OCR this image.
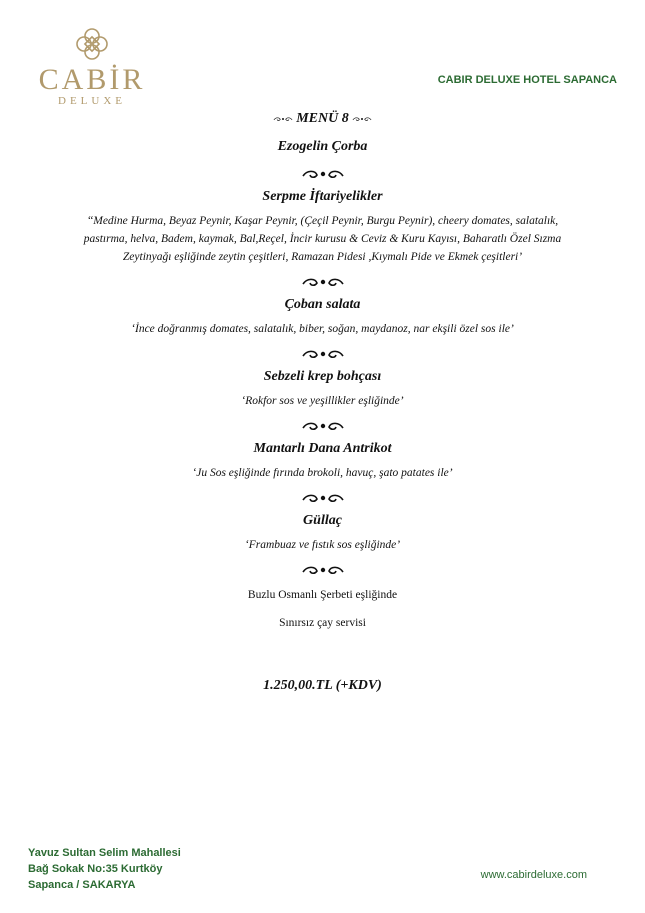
CABİR
DELUXE
CABIR DELUXE HOTEL SAPANCA
MENÜ 8
Ezogelin Çorba
Serpme İftariyelikler
‘‘Medine Hurma, Beyaz Peynir, Kaşar Peynir, (Çeçil Peynir, Burgu Peynir), cheery domates, salatalık, pastırma, helva, Badem, kaymak, Bal,Reçel, İncir kurusu & Ceviz & Kuru Kayısı, Baharatlı Özel Sızma Zeytinyağı eşliğinde zeytin çeşitleri, Ramazan Pidesi ,Kıymalı Pide ve Ekmek çeşitleri’
Çoban salata
‘İnce doğranmış domates, salatalık, biber, soğan, maydanoz, nar ekşili özel sos ile’
Sebzeli krep bohçası
‘Rokfor sos ve yeşillikler eşliğinde’
Mantarlı Dana Antrikot
‘Ju Sos eşliğinde fırında brokoli, havuç, şato patates ile’
Güllaç
‘Frambuaz ve fıstık sos eşliğinde’
Buzlu Osmanlı Şerbeti eşliğinde
Sınırsız çay servisi
1.250,00.TL (+KDV)
Yavuz Sultan Selim Mahallesi
Bağ Sokak No:35 Kurtköy
Sapanca / SAKARYA
www.cabirdeluxe.com
